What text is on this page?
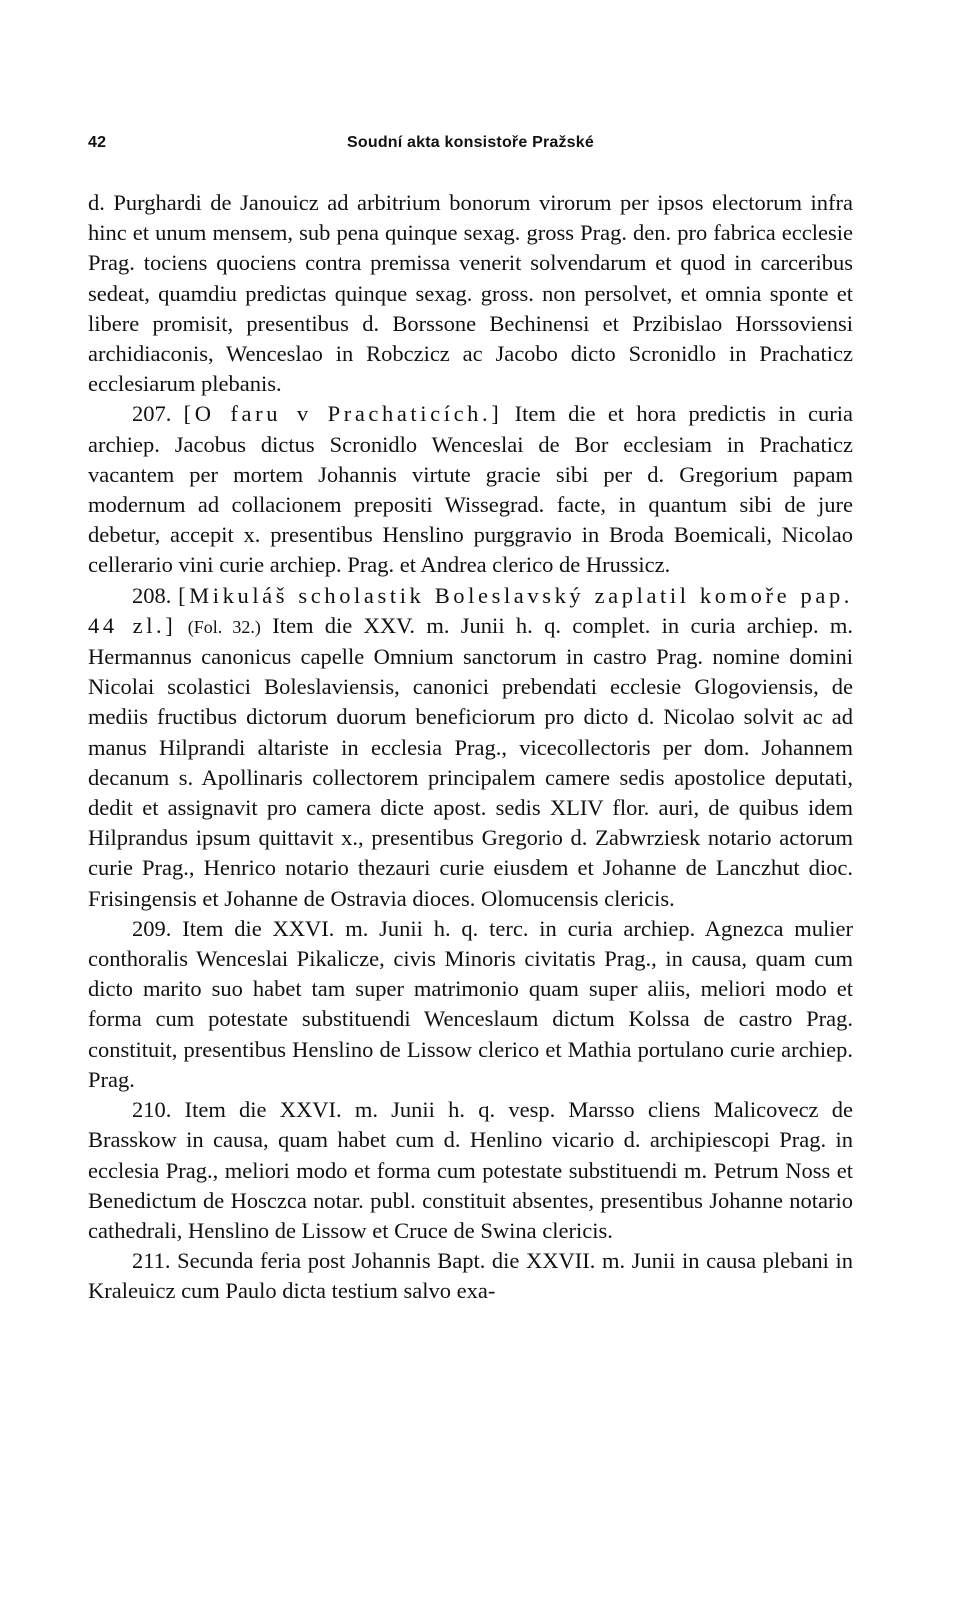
42	Soudní akta konsistoře Pražské

d. Purghardi de Janouicz ad arbitrium bonorum virorum per ipsos electorum infra hinc et unum mensem, sub pena quinque sexag. gross Prag. den. pro fabrica ecclesie Prag. tociens quociens contra premissa venerit solvendarum et quod in carceribus sedeat, quamdiu predictas quinque sexag. gross. non persolvet, et omnia sponte et libere promisit, presentibus d. Borssone Bechinensi et Przibislao Horssoviensi archidiaconis, Wenceslao in Robczicz ac Jacobo dicto Scronidlo in Prachaticz ecclesiarum plebanis.

207. [O faru v Prachaticích.] Item die et hora predictis in curia archiep. Jacobus dictus Scronidlo Wenceslai de Bor ecclesiam in Prachaticz vacantem per mortem Johannis virtute gracie sibi per d. Gregorium papam modernum ad collacionem prepositi Wissegrad. facte, in quantum sibi de jure debetur, accepit x. presentibus Henslino purggravio in Broda Boemicali, Nicolao cellerario vini curie archiep. Prag. et Andrea clerico de Hrussicz.

208. [Mikuláš scholastik Boleslavský zaplatil komoře pap. 44 zl.] (Fol. 32.) Item die XXV. m. Junii h. q. complet. in curia archiep. m. Hermannus canonicus capelle Omnium sanctorum in castro Prag. nomine domini Nicolai scolastici Boleslaviensis, canonici prebendati ecclesie Glogoviensis, de mediis fructibus dictorum duorum beneficiorum pro dicto d. Nicolao solvit ac ad manus Hilprandi altariste in ecclesia Prag., vicecollectoris per dom. Johannem decanum s. Apollinaris collectorem principalem camere sedis apostolice deputati, dedit et assignavit pro camera dicte apost. sedis XLIV flor. auri, de quibus idem Hilprandus ipsum quittavit x., presentibus Gregorio d. Zabwrziesk notario actorum curie Prag., Henrico notario thezauri curie eiusdem et Johanne de Lanczhut dioc. Frisingensis et Johanne de Ostravia dioces. Olomucensis clericis.

209. Item die XXVI. m. Junii h. q. terc. in curia archiep. Agnezca mulier conthoralis Wenceslai Pikalicze, civis Minoris civitatis Prag., in causa, quam cum dicto marito suo habet tam super matrimonio quam super aliis, meliori modo et forma cum potestate substituendi Wenceslaum dictum Kolssa de castro Prag. constituit, presentibus Henslino de Lissow clerico et Mathia portulano curie archiep. Prag.

210. Item die XXVI. m. Junii h. q. vesp. Marsso cliens Malicovecz de Brasskow in causa, quam habet cum d. Henlino vicario d. archipiescopi Prag. in ecclesia Prag., meliori modo et forma cum potestate substituendi m. Petrum Noss et Benedictum de Hosczca notar. publ. constituit absentes, presentibus Johanne notario cathedrali, Henslino de Lissow et Cruce de Swina clericis.

211. Secunda feria post Johannis Bapt. die XXVII. m. Junii in causa plebani in Kraleuicz cum Paulo dicta testium salvo exa-
